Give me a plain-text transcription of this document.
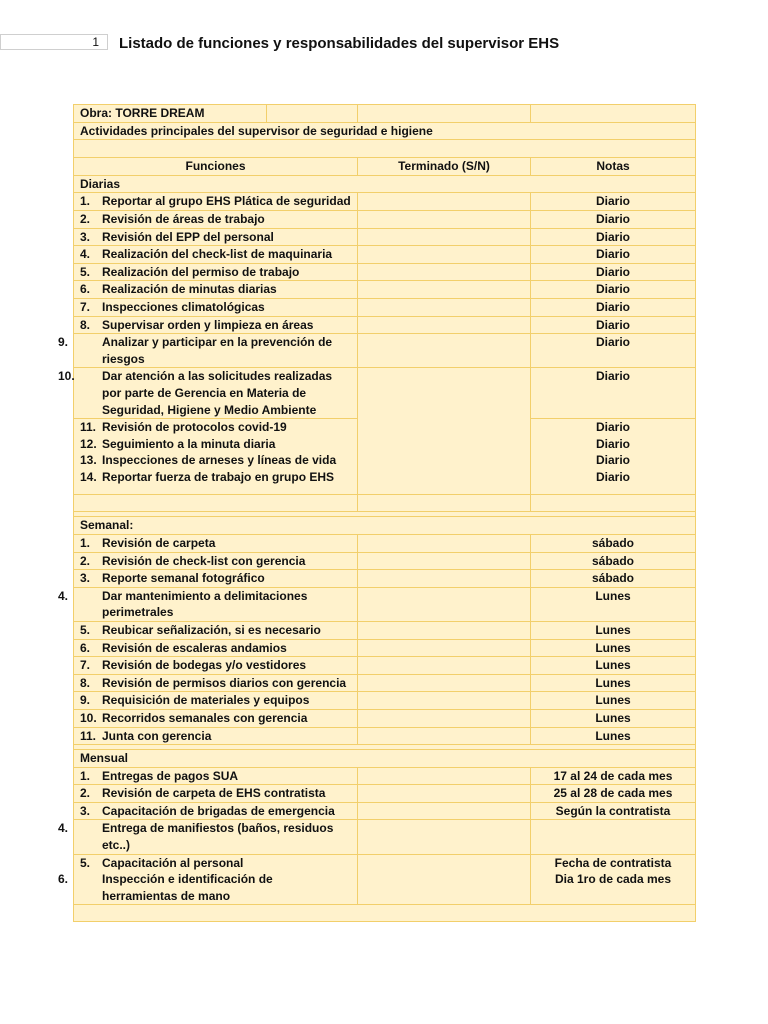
1	Listado de funciones y responsabilidades del supervisor EHS
Obra: TORRE DREAM			
Actividades principales del supervisor de seguridad e higiene			

Funciones		Terminado (S/N)	Notas
Diarias			
1. Reportar al grupo EHS Plática de seguridad			Diario
2. Revisión de áreas de trabajo			Diario
3. Revisión del EPP del personal			Diario
4. Realización del check-list de maquinaria			Diario
5. Realización del permiso de trabajo			Diario
6. Realización de minutas diarias			Diario
7. Inspecciones climatológicas			Diario
8. Supervisar orden y limpieza en áreas			Diario

9. Analizar y participar en la prevención de riesgos			Diario

10. Dar atención a las solicitudes realizadas por parte de Gerencia en Materia de Seguridad, Higiene y Medio Ambiente			Diario
11. Revisión de protocolos covid-19			Diario
12. Seguimiento a la minuta diaria			Diario
13. Inspecciones de arneses y líneas de vida			Diario
14. Reportar fuerza de trabajo en grupo EHS			Diario

Semanal:			
1. Revisión de carpeta			sábado
2. Revisión de check-list con gerencia			sábado
3. Reporte semanal fotográfico			sábado

4. Dar mantenimiento a delimitaciones perimetrales			Lunes
5. Reubicar señalización, si es necesario			Lunes
6. Revisión de escaleras andamios			Lunes
7. Revisión de bodegas y/o vestidores			Lunes
8. Revisión de permisos diarios con gerencia			Lunes
9. Requisición de materiales y equipos			Lunes
10. Recorridos semanales con gerencia			Lunes
11. Junta con gerencia			Lunes

Mensual			
1. Entregas de pagos SUA			17 al 24 de cada mes
2. Revisión de carpeta de EHS contratista			25 al 28 de cada mes
3. Capacitación de brigadas de emergencia			Según la contratista

4. Entrega de manifiestos (baños, residuos etc..)			

5. Capacitación al personal			Fecha de contratista

6. Inspección e identificación de herramientas de mano			Dia 1ro de cada mes
